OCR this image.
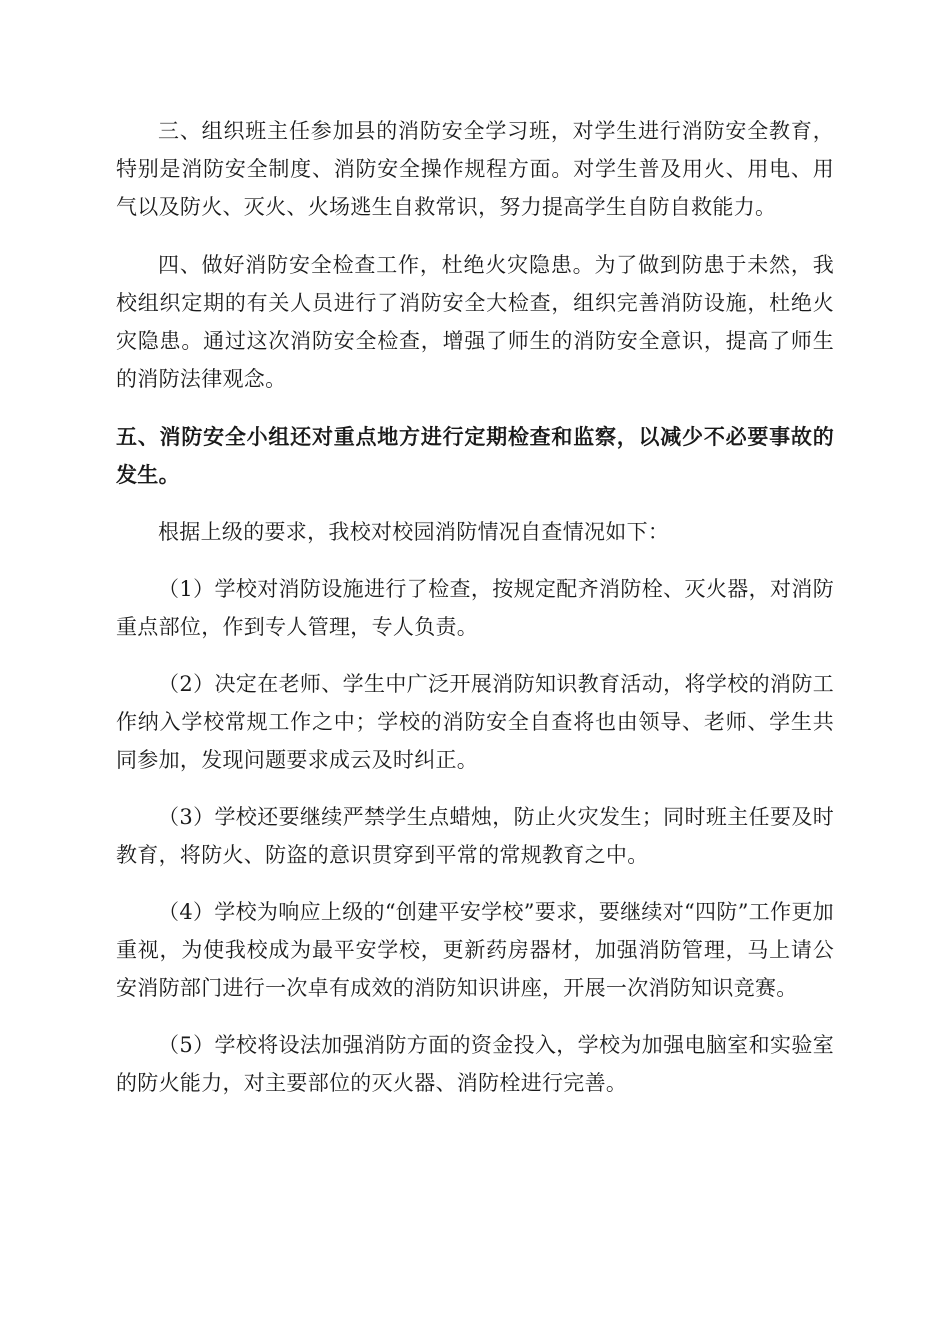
三、组织班主任参加县的消防安全学习班，对学生进行消防安全教育，特别是消防安全制度、消防安全操作规程方面。对学生普及用火、用电、用气以及防火、灭火、火场逃生自救常识，努力提高学生自防自救能力。

四、做好消防安全检查工作，杜绝火灾隐患。为了做到防患于未然，我校组织定期的有关人员进行了消防安全大检查，组织完善消防设施，杜绝火灾隐患。通过这次消防安全检查，增强了师生的消防安全意识，提高了师生的消防法律观念。

五、消防安全小组还对重点地方进行定期检查和监察，以减少不必要事故的发生。

根据上级的要求，我校对校园消防情况自查情况如下：

（1）学校对消防设施进行了检查，按规定配齐消防栓、灭火器，对消防重点部位，作到专人管理，专人负责。

（2）决定在老师、学生中广泛开展消防知识教育活动，将学校的消防工作纳入学校常规工作之中；学校的消防安全自查将也由领导、老师、学生共同参加，发现问题要求成云及时纠正。

（3）学校还要继续严禁学生点蜡烛，防止火灾发生；同时班主任要及时教育，将防火、防盗的意识贯穿到平常的常规教育之中。

（4）学校为响应上级的“创建平安学校”要求，要继续对“四防”工作更加重视，为使我校成为最平安学校，更新药房器材，加强消防管理，马上请公安消防部门进行一次卓有成效的消防知识讲座，开展一次消防知识竞赛。

（5）学校将设法加强消防方面的资金投入，学校为加强电脑室和实验室的防火能力，对主要部位的灭火器、消防栓进行完善。
